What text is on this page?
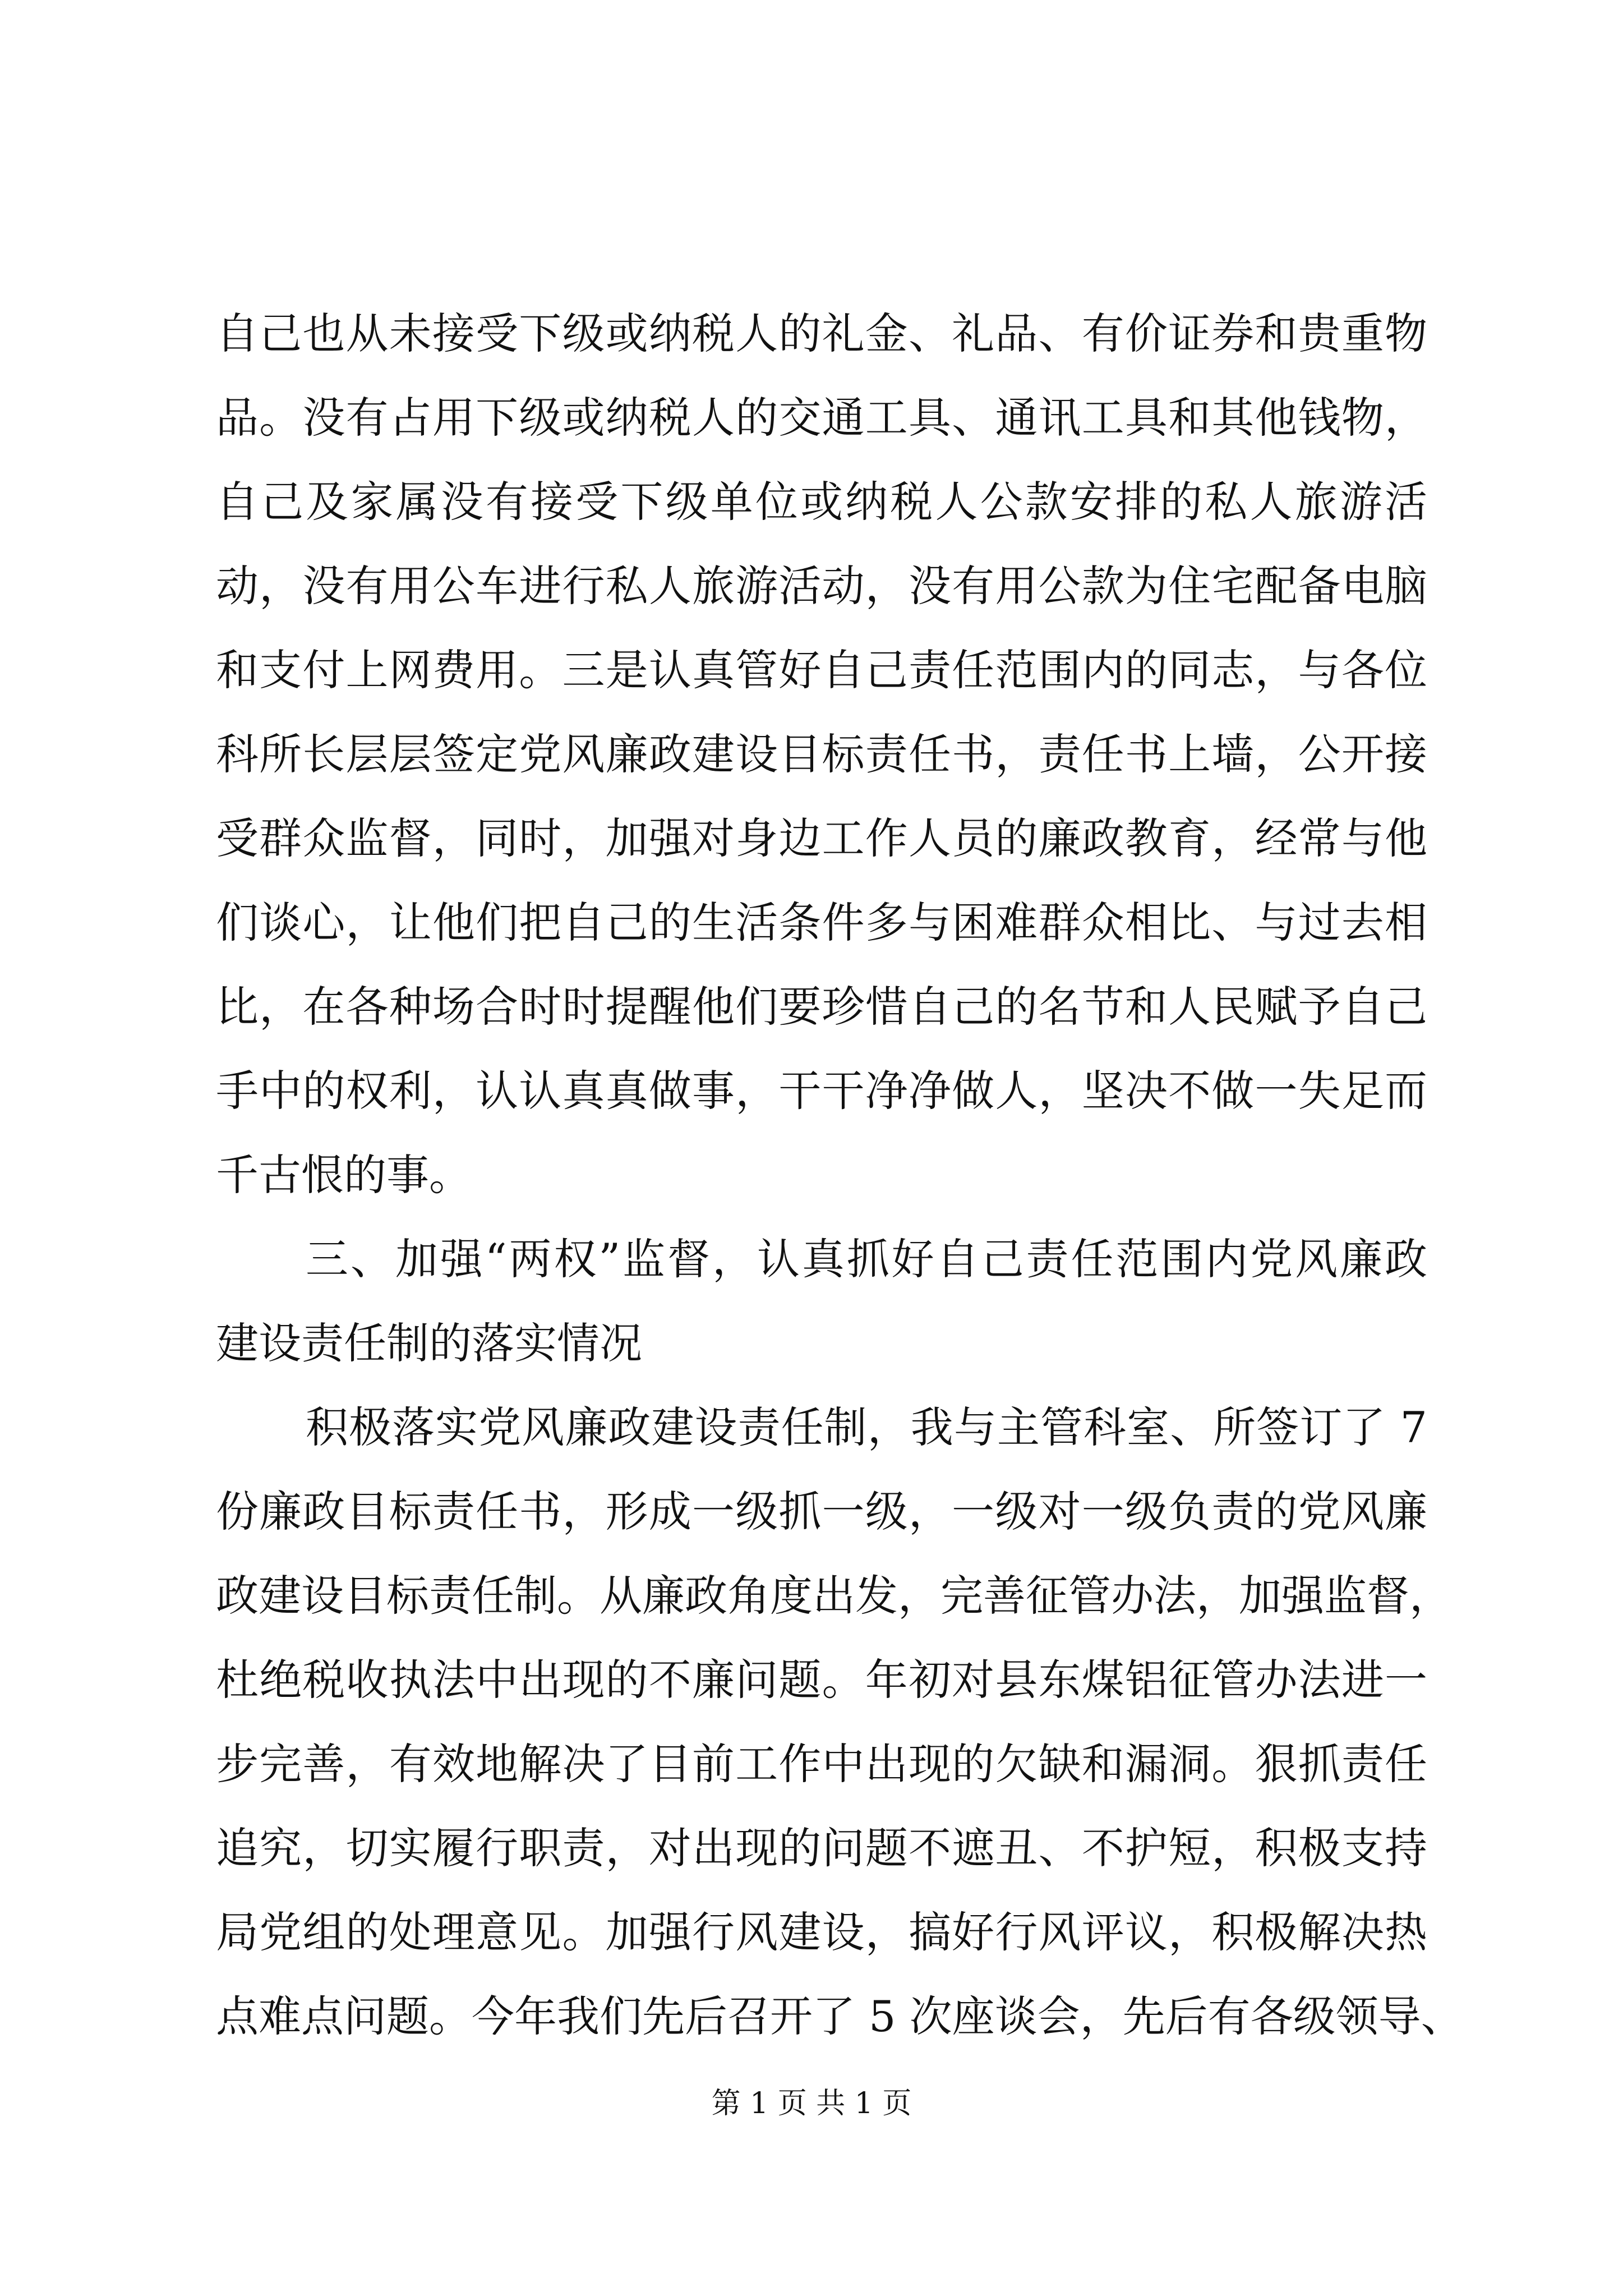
自己也从未接受下级或纳税人的礼金、礼品、有价证券和贵重物
品。没有占用下级或纳税人的交通工具、通讯工具和其他钱物，
自己及家属没有接受下级单位或纳税人公款安排的私人旅游活
动，没有用公车进行私人旅游活动，没有用公款为住宅配备电脑
和支付上网费用。三是认真管好自己责任范围内的同志，与各位
科所长层层签定党风廉政建设目标责任书，责任书上墙，公开接
受群众监督，同时，加强对身边工作人员的廉政教育，经常与他
们谈心，让他们把自己的生活条件多与困难群众相比、与过去相
比，在各种场合时时提醒他们要珍惜自己的名节和人民赋予自己
手中的权利，认认真真做事，干干净净做人，坚决不做一失足而
千古恨的事。
三、加强“两权”监督，认真抓好自己责任范围内党风廉政
建设责任制的落实情况
积极落实党风廉政建设责任制，我与主管科室、所签订了 7
份廉政目标责任书，形成一级抓一级，一级对一级负责的党风廉
政建设目标责任制。从廉政角度出发，完善征管办法，加强监督，
杜绝税收执法中出现的不廉问题。年初对县东煤铝征管办法进一
步完善，有效地解决了目前工作中出现的欠缺和漏洞。狠抓责任
追究，切实履行职责，对出现的问题不遮丑、不护短，积极支持
局党组的处理意见。加强行风建设，搞好行风评议，积极解决热
点难点问题。今年我们先后召开了 5 次座谈会，先后有各级领导、
第 1 页 共 1 页
